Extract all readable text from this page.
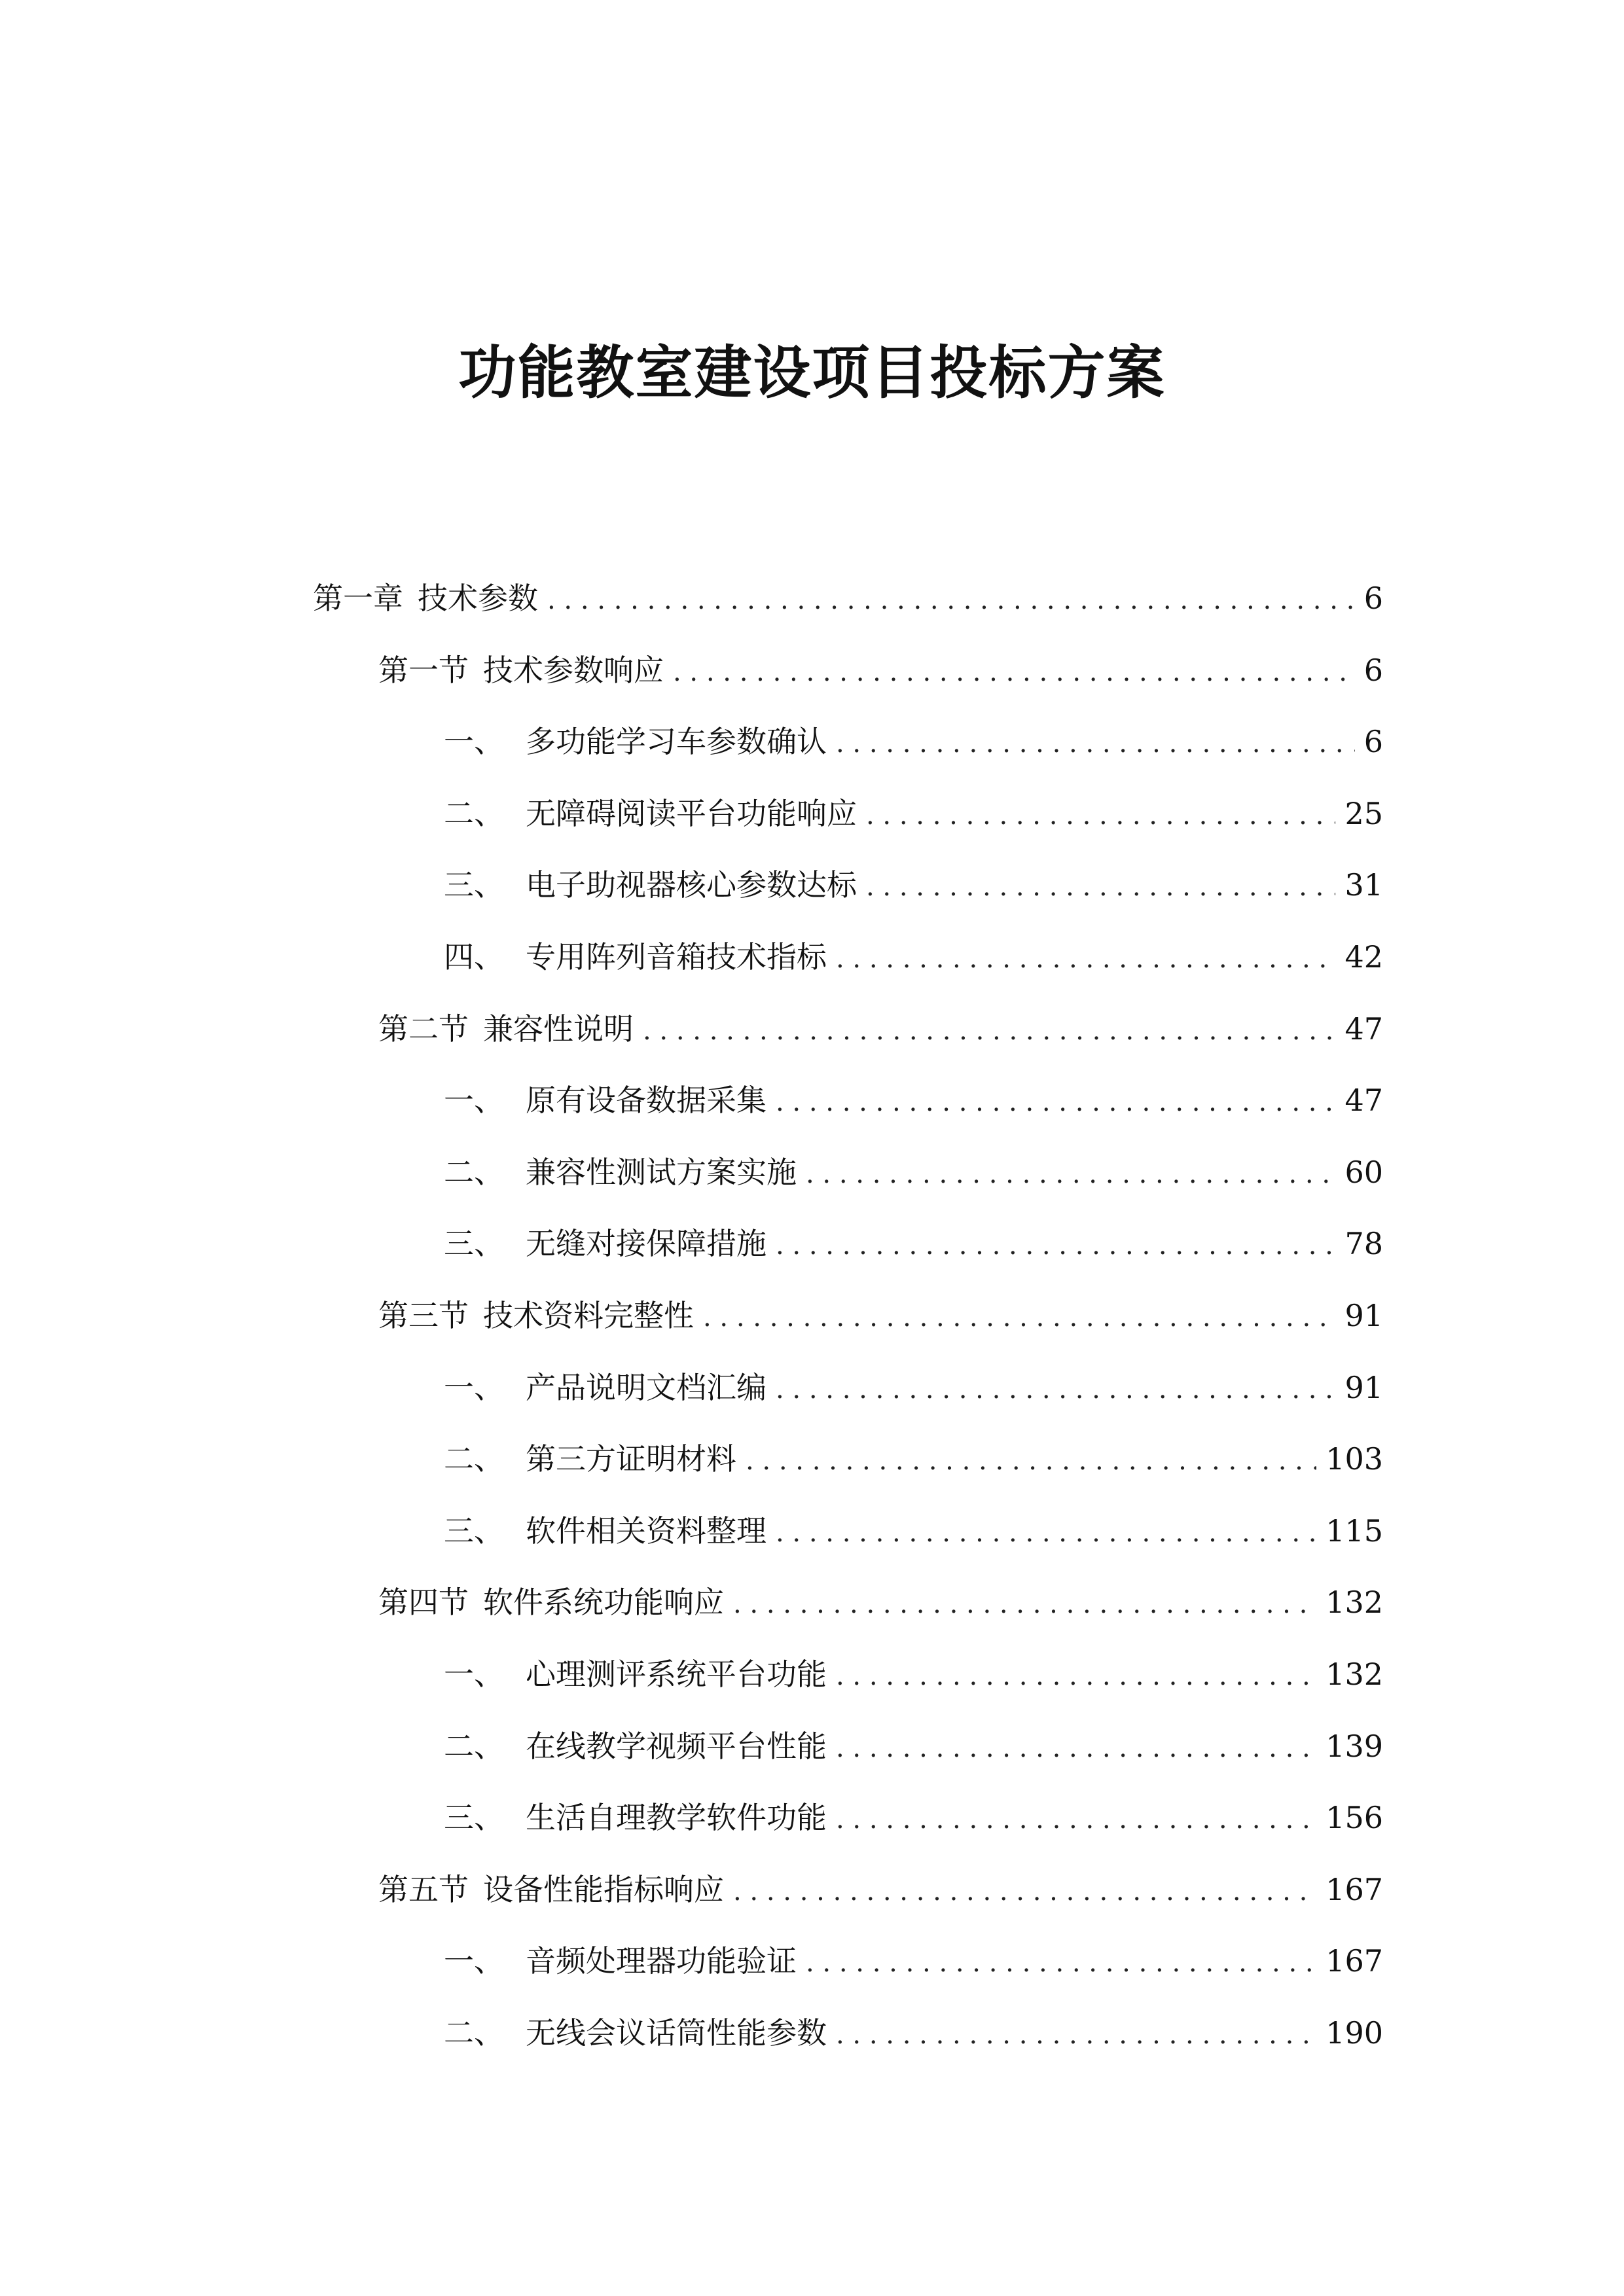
功能教室建设项目投标方案
第一章 技术参数 . . .	6
第一节 技术参数响应 . . .	6
一、 多功能学习车参数确认 . . .	6
二、 无障碍阅读平台功能响应 . . .	25
三、 电子助视器核心参数达标 . . .	31
四、 专用阵列音箱技术指标 . . .	42
第二节 兼容性说明 . . .	47
一、 原有设备数据采集 . . .	47
二、 兼容性测试方案实施 . . .	60
三、 无缝对接保障措施 . . .	78
第三节 技术资料完整性 . . .	91
一、 产品说明文档汇编 . . .	91
二、 第三方证明材料 . . .	103
三、 软件相关资料整理 . . .	115
第四节 软件系统功能响应 . . .	132
一、 心理测评系统平台功能 . . .	132
二、 在线教学视频平台性能 . . .	139
三、 生活自理教学软件功能 . . .	156
第五节 设备性能指标响应 . . .	167
一、 音频处理器功能验证 . . .	167
二、 无线会议话筒性能参数 . . .	190
